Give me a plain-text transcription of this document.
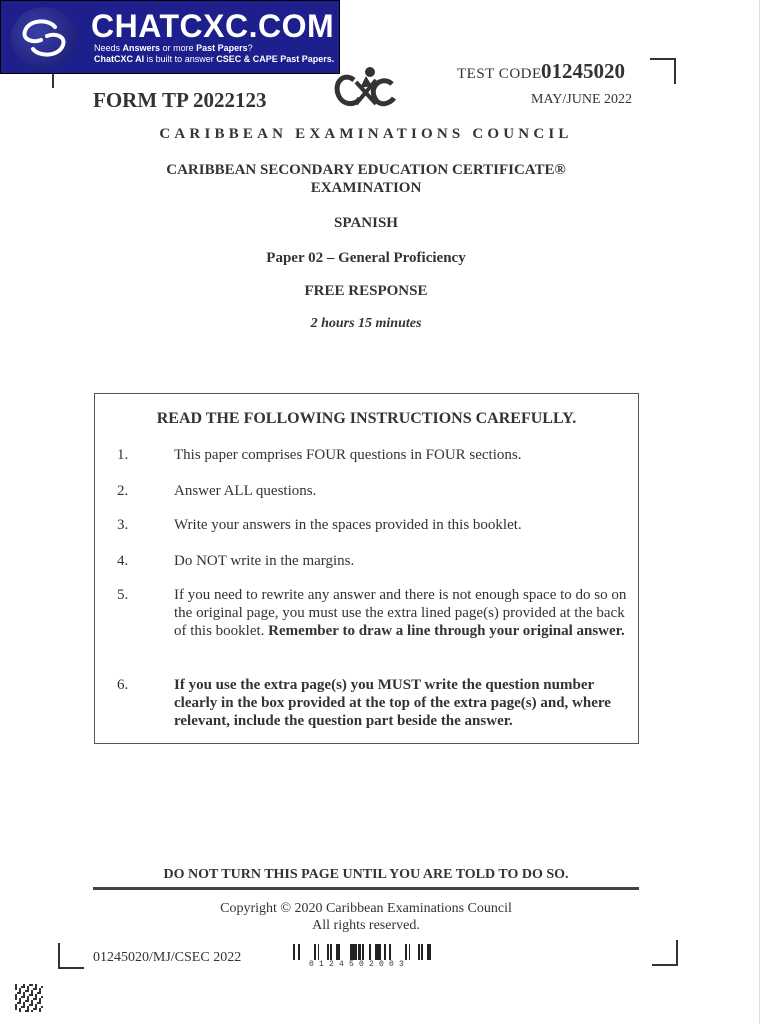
CHATCXC.COM
Needs Answers or more Past Papers?
ChatCXC AI is built to answer CSEC & CAPE Past Papers.
TEST CODE 01245020
FORM TP 2022123	MAY/JUNE 2022
CARIBBEAN EXAMINATIONS COUNCIL
CARIBBEAN SECONDARY EDUCATION CERTIFICATE®
EXAMINATION
SPANISH
Paper 02 – General Proficiency
FREE RESPONSE
2 hours 15 minutes
READ THE FOLLOWING INSTRUCTIONS CAREFULLY.
1.	This paper comprises FOUR questions in FOUR sections.
2.	Answer ALL questions.
3.	Write your answers in the spaces provided in this booklet.
4.	Do NOT write in the margins.
5.	If you need to rewrite any answer and there is not enough space to do so on the original page, you must use the extra lined page(s) provided at the back of this booklet. Remember to draw a line through your original answer.
6.	If you use the extra page(s) you MUST write the question number clearly in the box provided at the top of the extra page(s) and, where relevant, include the question part beside the answer.
DO NOT TURN THIS PAGE UNTIL YOU ARE TOLD TO DO SO.
Copyright © 2020 Caribbean Examinations Council
All rights reserved.
01245020/MJ/CSEC 2022	0124502003
